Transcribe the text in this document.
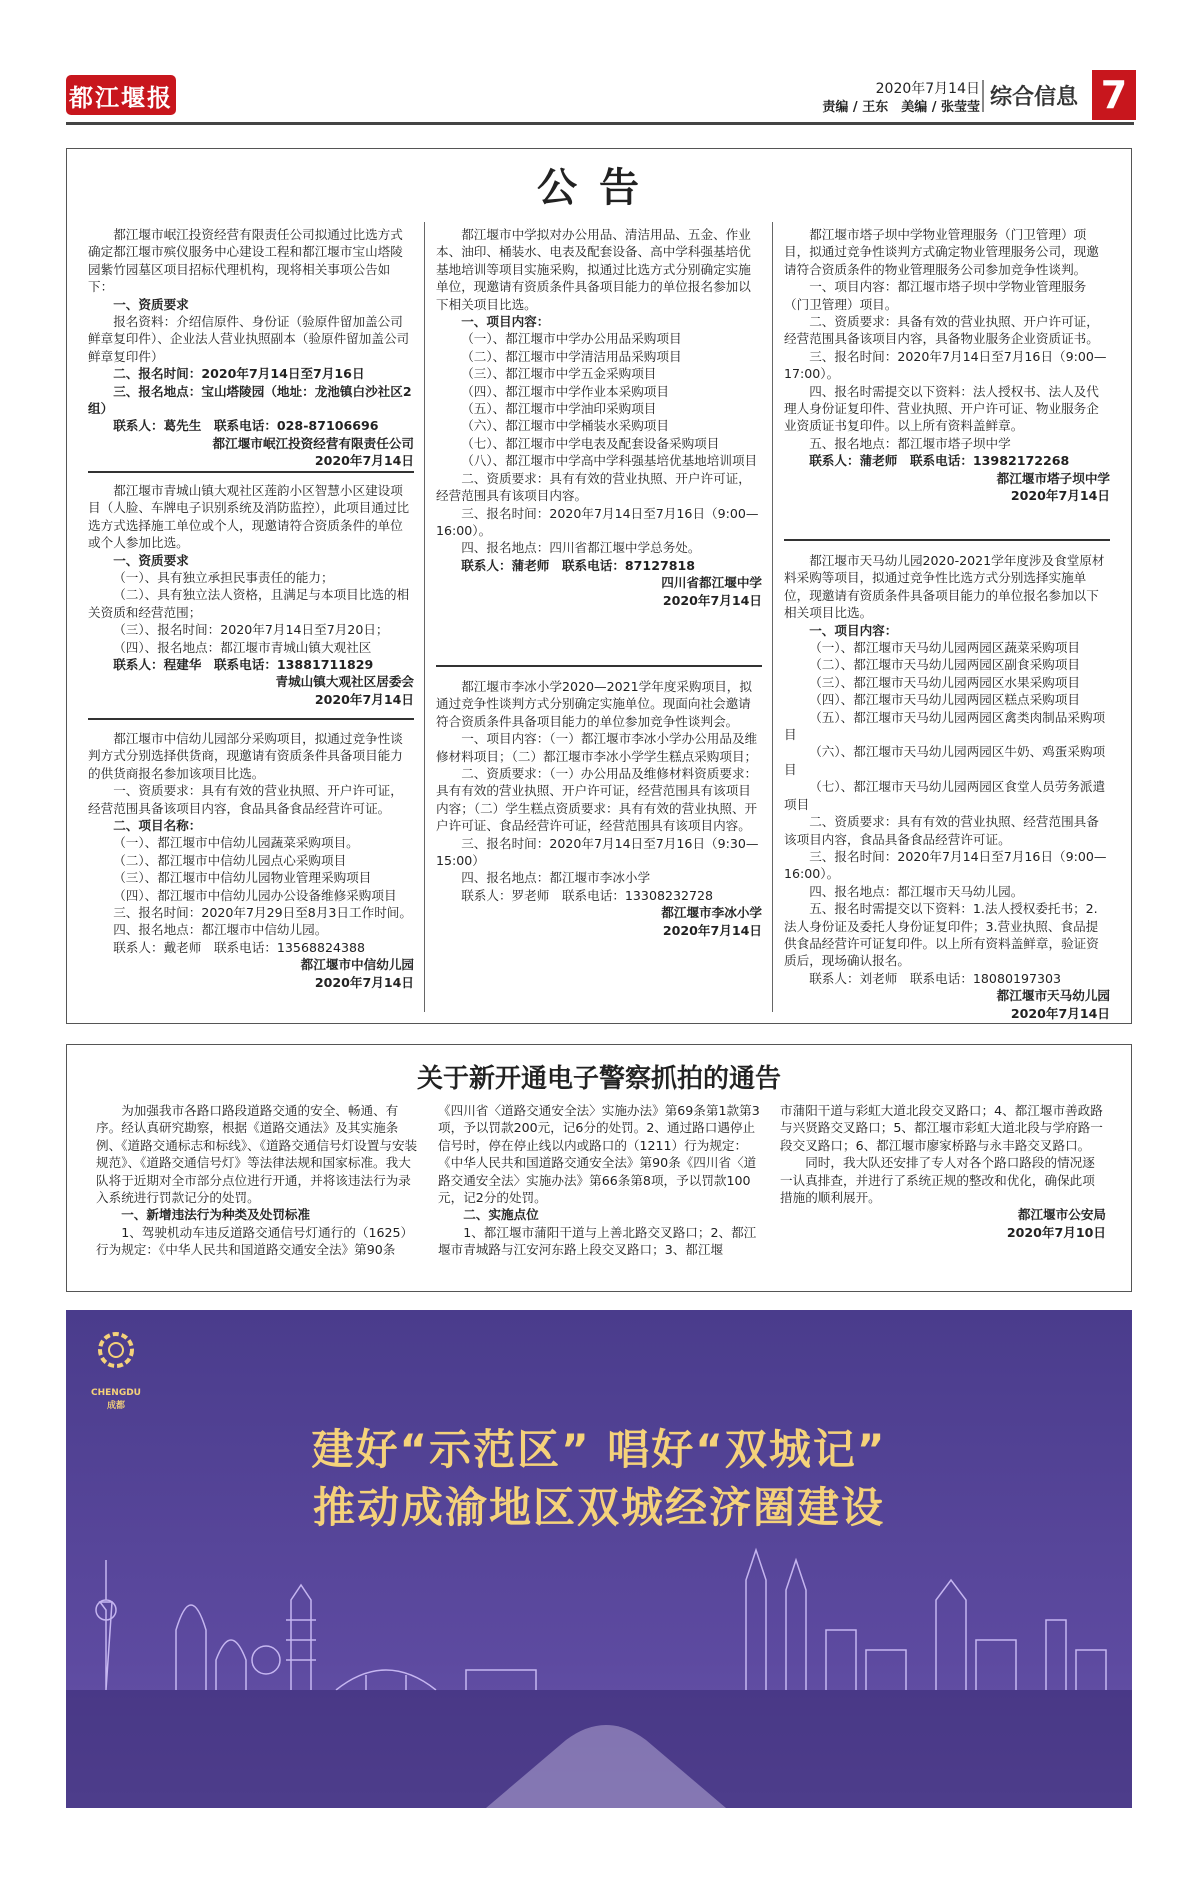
都江堰报	2020年7月14日
责编 / 王东　美编 / 张莹莹 综合信息 7
公告

都江堰市岷江投资经营有限责任公司拟通过比选方式确定都江堰市殡仪服务中心建设工程和都江堰市宝山塔陵园紫竹园墓区项目招标代理机构，现将相关事项公告如下：

一、资质要求

报名资料：介绍信原件、身份证（验原件留加盖公司鲜章复印件）、企业法人营业执照副本（验原件留加盖公司鲜章复印件）

二、报名时间：2020年7月14日至7月16日

三、报名地点：宝山塔陵园（地址：龙池镇白沙社区2组）

联系人：葛先生　联系电话：028-87106696

都江堰市岷江投资经营有限责任公司

2020年7月14日

都江堰市青城山镇大观社区莲韵小区智慧小区建设项目（人脸、车牌电子识别系统及消防监控），此项目通过比选方式选择施工单位或个人，现邀请符合资质条件的单位或个人参加比选。

一、资质要求

（一）、具有独立承担民事责任的能力；

（二）、具有独立法人资格，且满足与本项目比选的相关资质和经营范围；

（三）、报名时间：2020年7月14日至7月20日；

（四）、报名地点：都江堰市青城山镇大观社区

联系人：程建华　联系电话：13881711829

青城山镇大观社区居委会

2020年7月14日

都江堰市中信幼儿园部分采购项目，拟通过竞争性谈判方式分别选择供货商，现邀请有资质条件具备项目能力的供货商报名参加该项目比选。

一、资质要求：具有有效的营业执照、开户许可证，经营范围具备该项目内容，食品具备食品经营许可证。

二、项目名称：

（一）、都江堰市中信幼儿园蔬菜采购项目。

（二）、都江堰市中信幼儿园点心采购项目

（三）、都江堰市中信幼儿园物业管理采购项目

（四）、都江堰市中信幼儿园办公设备维修采购项目

三、报名时间：2020年7月29日至8月3日工作时间。

四、报名地点：都江堰市中信幼儿园。

联系人：戴老师　联系电话：13568824388

都江堰市中信幼儿园

2020年7月14日

都江堰市中学拟对办公用品、清洁用品、五金、作业本、油印、桶装水、电表及配套设备、高中学科强基培优基地培训等项目实施采购，拟通过比选方式分别确定实施单位，现邀请有资质条件具备项目能力的单位报名参加以下相关项目比选。

一、项目内容：

（一）、都江堰市中学办公用品采购项目

（二）、都江堰市中学清洁用品采购项目

（三）、都江堰市中学五金采购项目

（四）、都江堰市中学作业本采购项目

（五）、都江堰市中学油印采购项目

（六）、都江堰市中学桶装水采购项目

（七）、都江堰市中学电表及配套设备采购项目

（八）、都江堰市中学高中学科强基培优基地培训项目

二、资质要求：具有有效的营业执照、开户许可证，经营范围具有该项目内容。

三、报名时间：2020年7月14日至7月16日（9:00—16:00）。

四、报名地点：四川省都江堰中学总务处。

联系人：蒲老师　联系电话：87127818

四川省都江堰中学

2020年7月14日

都江堰市李冰小学2020—2021学年度采购项目，拟通过竞争性谈判方式分别确定实施单位。现面向社会邀请符合资质条件具备项目能力的单位参加竞争性谈判会。

一、项目内容：（一）都江堰市李冰小学办公用品及维修材料项目；（二）都江堰市李冰小学学生糕点采购项目；

二、资质要求：（一）办公用品及维修材料资质要求：具有有效的营业执照、开户许可证，经营范围具有该项目内容；（二）学生糕点资质要求：具有有效的营业执照、开户许可证、食品经营许可证，经营范围具有该项目内容。

三、报名时间：2020年7月14日至7月16日（9:30—15:00）

四、报名地点：都江堰市李冰小学

联系人：罗老师　联系电话：13308232728

都江堰市李冰小学

2020年7月14日

都江堰市塔子坝中学物业管理服务（门卫管理）项目，拟通过竞争性谈判方式确定物业管理服务公司，现邀请符合资质条件的物业管理服务公司参加竞争性谈判。

一、项目内容：都江堰市塔子坝中学物业管理服务（门卫管理）项目。

二、资质要求：具备有效的营业执照、开户许可证，经营范围具备该项目内容，具备物业服务企业资质证书。

三、报名时间：2020年7月14日至7月16日（9:00—17:00）。

四、报名时需提交以下资料：法人授权书、法人及代理人身份证复印件、营业执照、开户许可证、物业服务企业资质证书复印件。以上所有资料盖鲜章。

五、报名地点：都江堰市塔子坝中学

联系人：蒲老师　联系电话：13982172268

都江堰市塔子坝中学

2020年7月14日

都江堰市天马幼儿园2020-2021学年度涉及食堂原材料采购等项目，拟通过竞争性比选方式分别选择实施单位，现邀请有资质条件具备项目能力的单位报名参加以下相关项目比选。

一、项目内容：

（一）、都江堰市天马幼儿园两园区蔬菜采购项目

（二）、都江堰市天马幼儿园两园区副食采购项目

（三）、都江堰市天马幼儿园两园区水果采购项目

（四）、都江堰市天马幼儿园两园区糕点采购项目

（五）、都江堰市天马幼儿园两园区禽类肉制品采购项目

（六）、都江堰市天马幼儿园两园区牛奶、鸡蛋采购项目

（七）、都江堰市天马幼儿园两园区食堂人员劳务派遣项目

二、资质要求：具有有效的营业执照、经营范围具备该项目内容，食品具备食品经营许可证。

三、报名时间：2020年7月14日至7月16日（9:00—16:00）。

四、报名地点：都江堰市天马幼儿园。

五、报名时需提交以下资料：1.法人授权委托书；2.法人身份证及委托人身份证复印件；3.营业执照、食品提供食品经营许可证复印件。以上所有资料盖鲜章，验证资质后，现场确认报名。

联系人：刘老师　联系电话：18080197303

都江堰市天马幼儿园

2020年7月14日

关于新开通电子警察抓拍的通告

为加强我市各路口路段道路交通的安全、畅通、有序。经认真研究勘察，根据《道路交通法》及其实施条例、《道路交通标志和标线》、《道路交通信号灯设置与安装规范》、《道路交通信号灯》等法律法规和国家标准。我大队将于近期对全市部分点位进行开通，并将该违法行为录入系统进行罚款记分的处罚。

一、新增违法行为种类及处罚标准

1、驾驶机动车违反道路交通信号灯通行的（1625）行为规定：《中华人民共和国道路交通安全法》第90条

《四川省〈道路交通安全法〉实施办法》第69条第1款第3项，予以罚款200元，记6分的处罚。2、通过路口遇停止信号时，停在停止线以内或路口的（1211）行为规定：《中华人民共和国道路交通安全法》第90条《四川省〈道路交通安全法〉实施办法》第66条第8项，予以罚款100元，记2分的处罚。

二、实施点位

1、都江堰市蒲阳干道与上善北路交叉路口；2、都江堰市青城路与江安河东路上段交叉路口；3、都江堰

市蒲阳干道与彩虹大道北段交叉路口；4、都江堰市善政路与兴贤路交叉路口；5、都江堰市彩虹大道北段与学府路一段交叉路口；6、都江堰市廖家桥路与永丰路交叉路口。

同时，我大队还安排了专人对各个路口路段的情况逐一认真排查，并进行了系统正规的整改和优化，确保此项措施的顺利展开。

都江堰市公安局

2020年7月10日

CHENGDU 成都
建好“示范区” 唱好“双城记”
推动成渝地区双城经济圈建设
